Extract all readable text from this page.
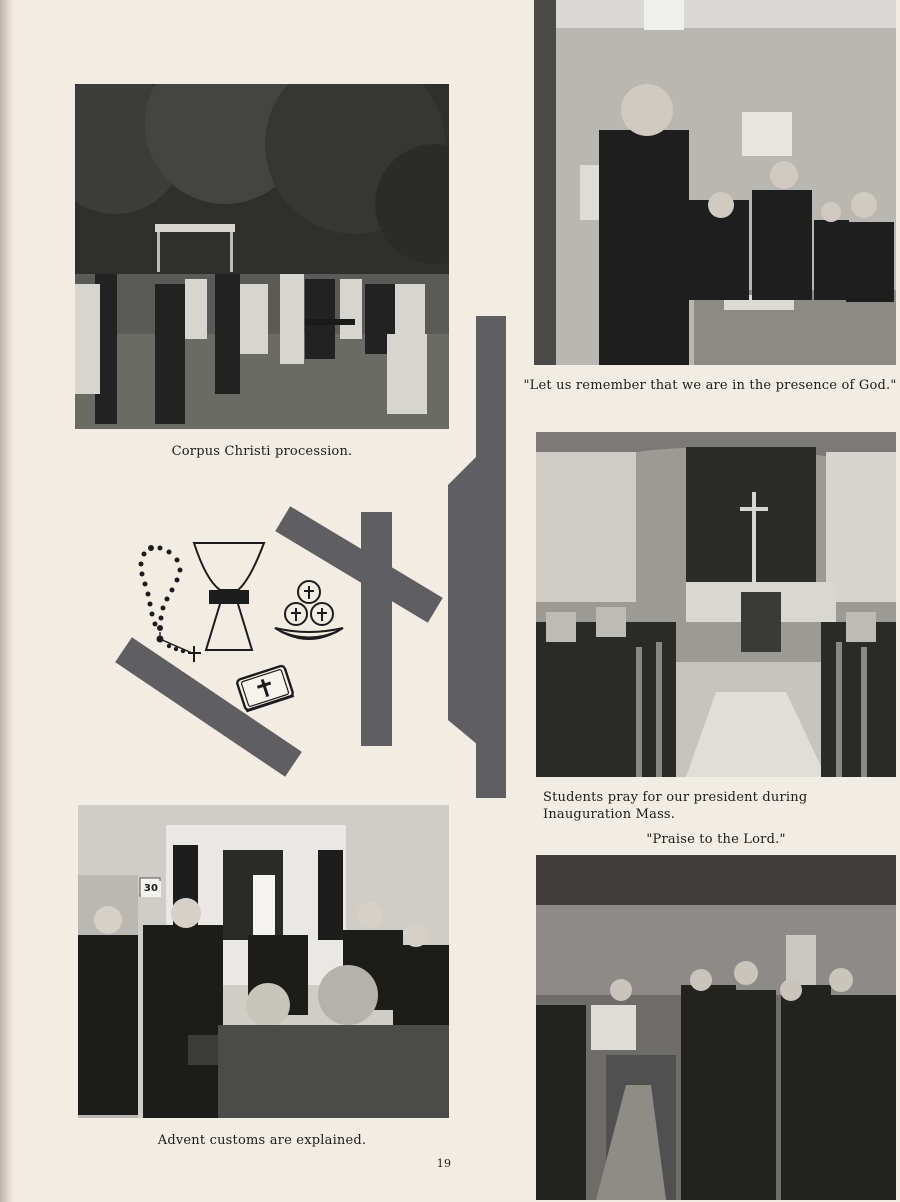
Corpus Christi procession.
"Let us remember that we are in the presence of God."
Students pray for our president during Inauguration Mass.
"Praise to the Lord."
30
Advent customs are explained.
19
